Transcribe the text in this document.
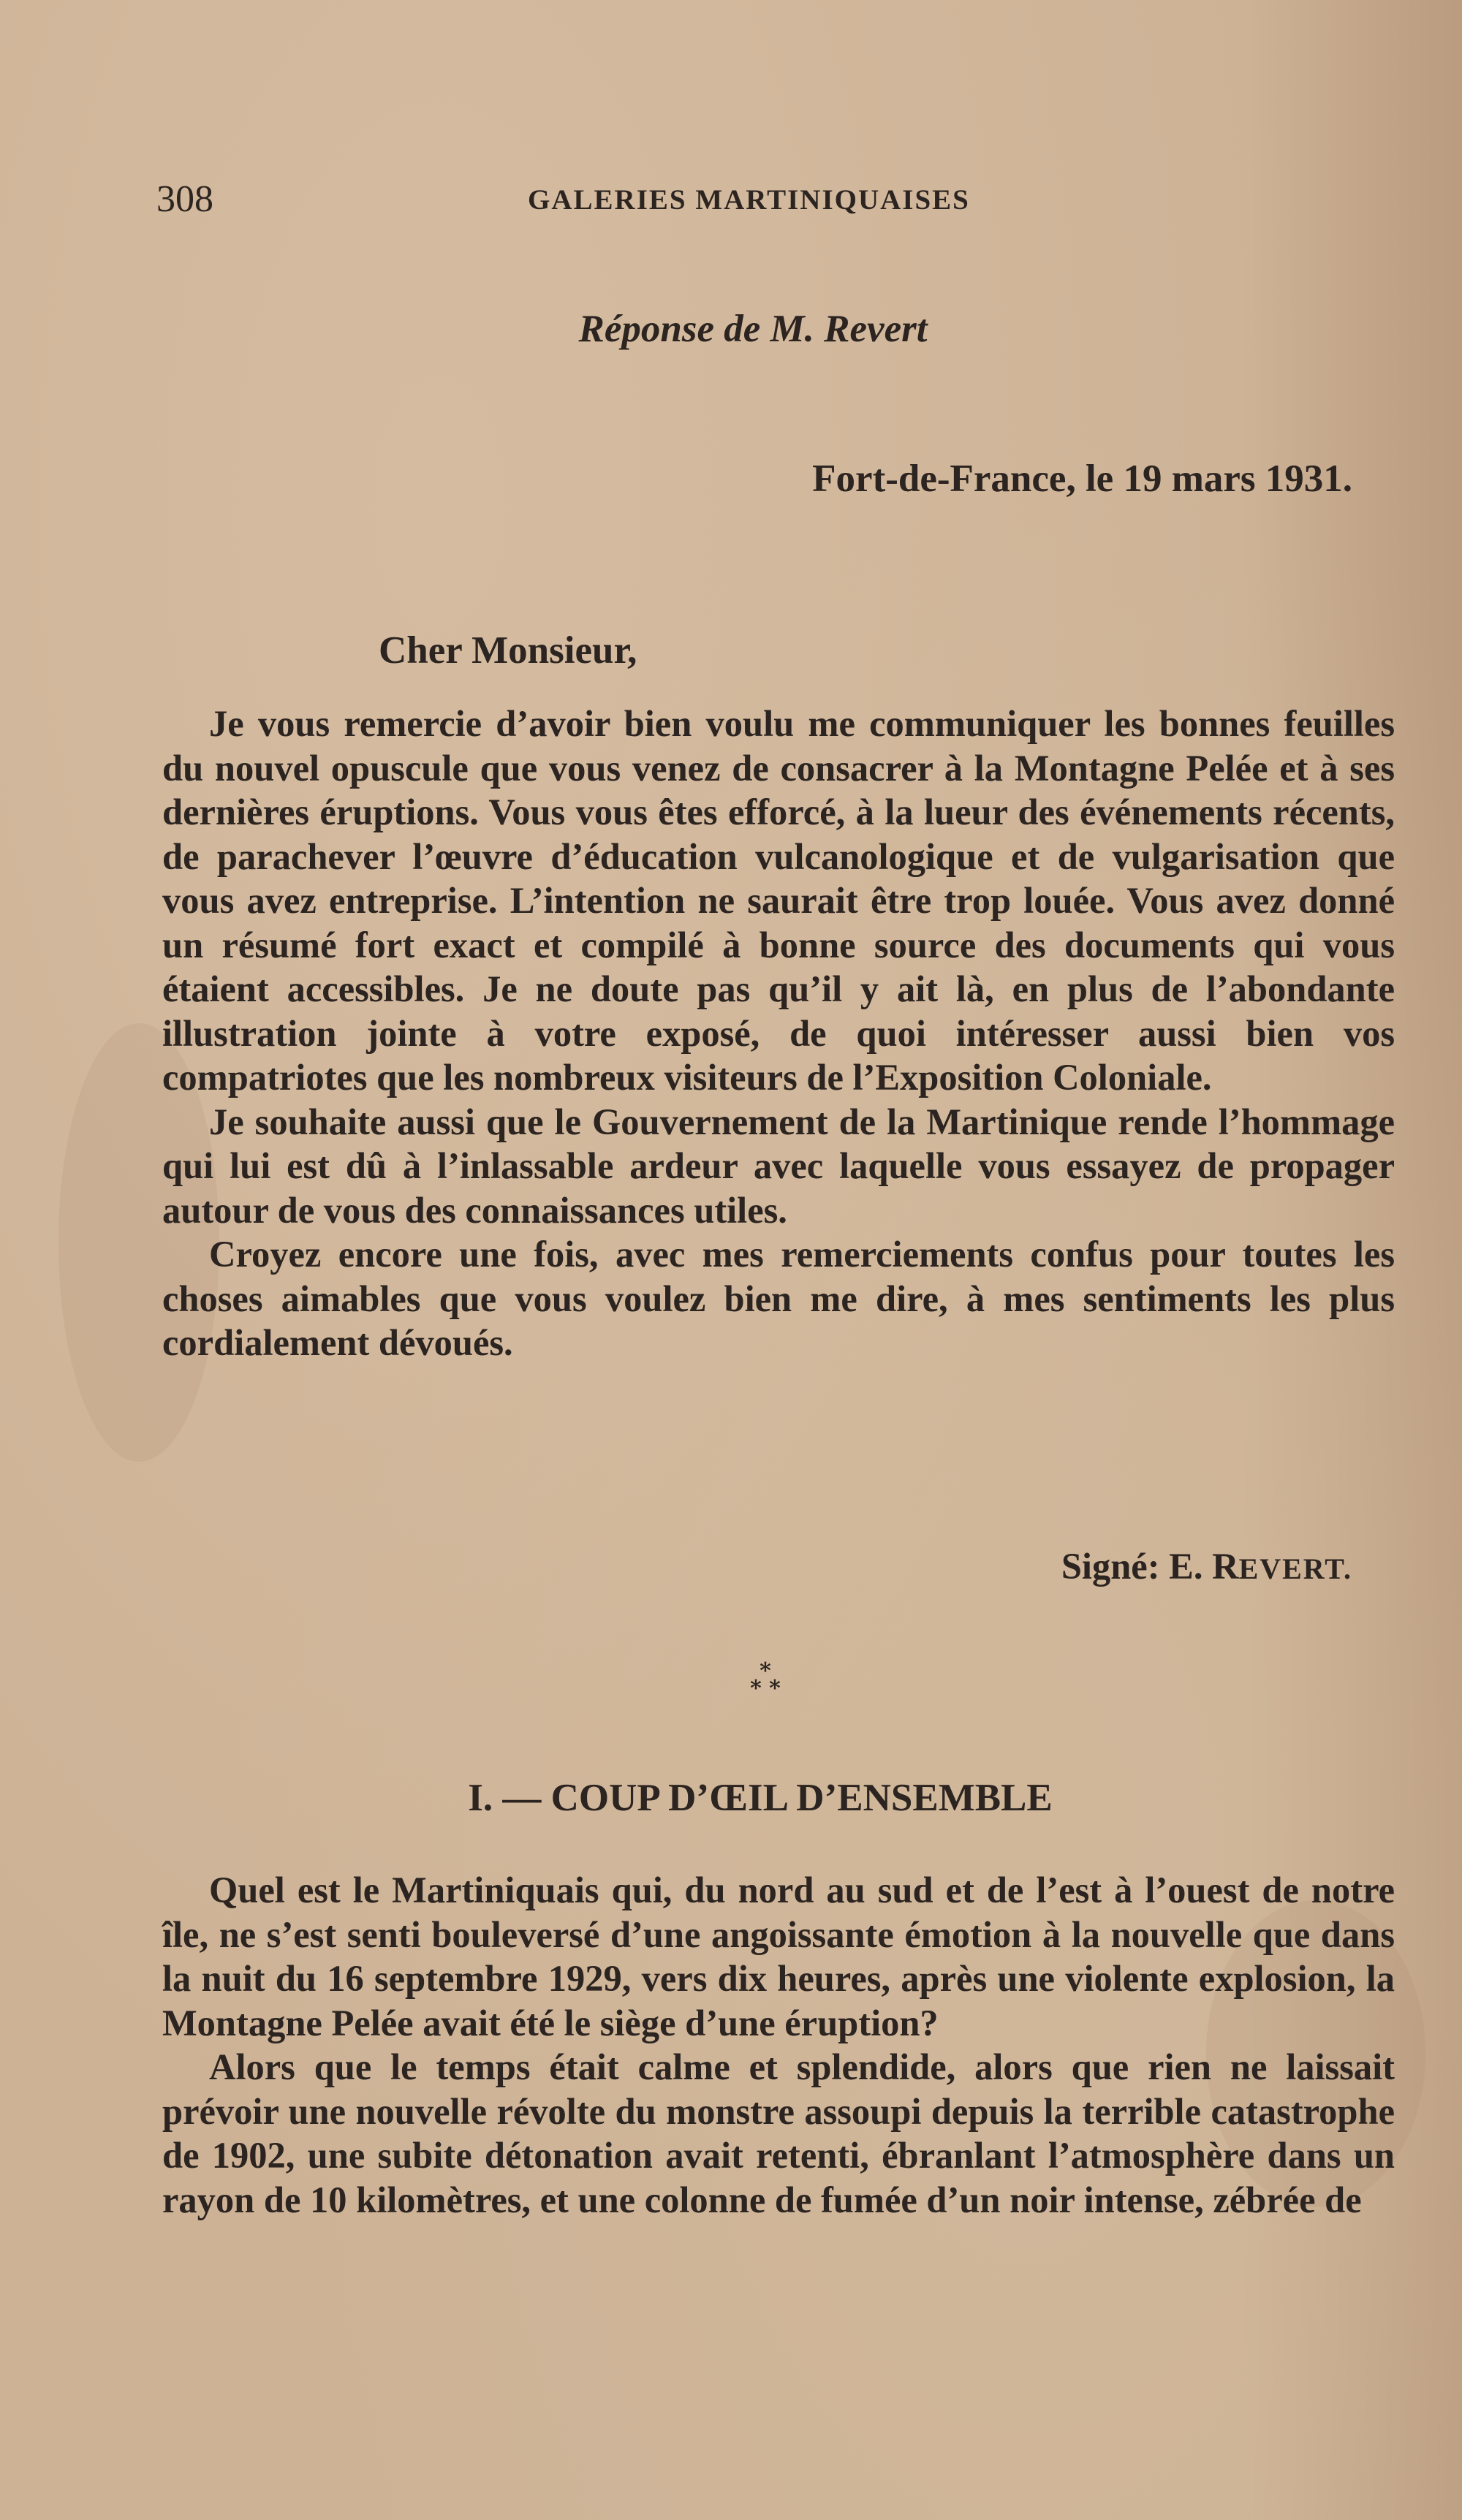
308	GALERIES MARTINIQUAISES
Réponse de M. Revert
Fort-de-France, le 19 mars 1931.
Cher Monsieur,

Je vous remercie d’avoir bien voulu me communiquer les bonnes feuilles du nouvel opuscule que vous venez de consacrer à la Montagne Pelée et à ses dernières éruptions. Vous vous êtes efforcé, à la lueur des événements récents, de parachever l’œuvre d’éducation vulcanologique et de vulgarisation que vous avez entreprise. L’intention ne saurait être trop louée. Vous avez donné un résumé fort exact et compilé à bonne source des documents qui vous étaient accessibles. Je ne doute pas qu’il y ait là, en plus de l’abondante illustration jointe à votre exposé, de quoi intéresser aussi bien vos compatriotes que les nombreux visiteurs de l’Exposition Coloniale.

Je souhaite aussi que le Gouvernement de la Martinique rende l’hommage qui lui est dû à l’inlassable ardeur avec laquelle vous essayez de propager autour de vous des connaissances utiles.

Croyez encore une fois, avec mes remerciements confus pour toutes les choses aimables que vous voulez bien me dire, à mes sentiments les plus cordialement dévoués.

Signé: E. REVERT.
*
* *
I. — COUP D’ŒIL D’ENSEMBLE

Quel est le Martiniquais qui, du nord au sud et de l’est à l’ouest de notre île, ne s’est senti bouleversé d’une angoissante émotion à la nouvelle que dans la nuit du 16 septembre 1929, vers dix heures, après une violente explosion, la Montagne Pelée avait été le siège d’une éruption?

Alors que le temps était calme et splendide, alors que rien ne laissait prévoir une nouvelle révolte du monstre assoupi depuis la terrible catastrophe de 1902, une subite détonation avait retenti, ébranlant l’atmosphère dans un rayon de 10 kilomètres, et une colonne de fumée d’un noir intense, zébrée de
